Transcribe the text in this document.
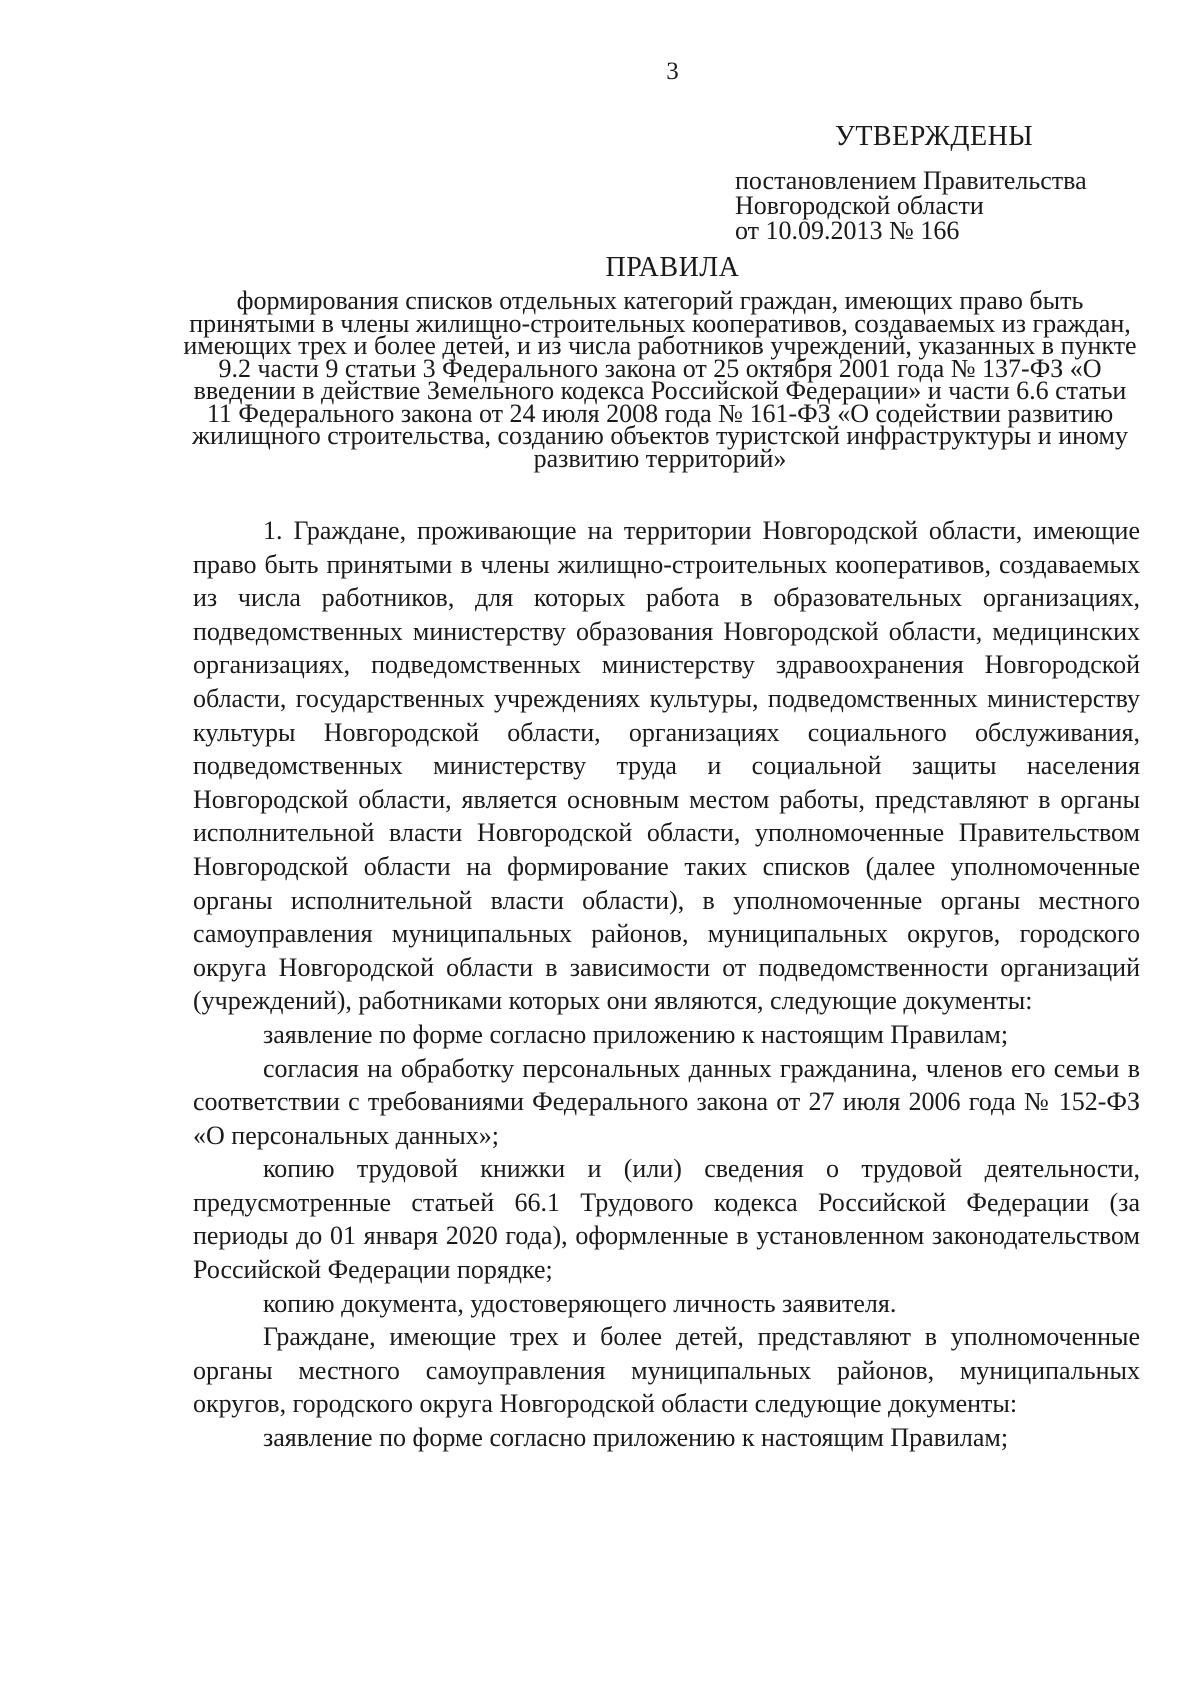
3
УТВЕРЖДЕНЫ
постановлением Правительства
Новгородской области
от 10.09.2013 № 166
ПРАВИЛА
формирования списков отдельных категорий граждан, имеющих право быть принятыми в члены жилищно-строительных кооперативов, создаваемых из граждан, имеющих трех и более детей, и из числа работников учреждений, указанных в пункте 9.2 части 9 статьи 3 Федерального закона от 25 октября 2001 года № 137-ФЗ «О введении в действие Земельного кодекса Российской Федерации» и части 6.6 статьи 11 Федерального закона от 24 июля 2008 года № 161-ФЗ «О содействии развитию жилищного строительства, созданию объектов туристской инфраструктуры и иному развитию территорий»

1. Граждане, проживающие на территории Новгородской области, имеющие право быть принятыми в члены жилищно-строительных кооперативов, создаваемых из числа работников, для которых работа в образовательных организациях, подведомственных министерству образования Новгородской области, медицинских организациях, подведомственных министерству здравоохранения Новгородской области, государственных учреждениях культуры, подведомственных министерству культуры Новгородской области, организациях социального обслуживания, подведомственных министерству труда и социальной защиты населения Новгородской области, является основным местом работы, представляют в органы исполнительной власти Новгородской области, уполномоченные Правительством Новгородской области на формирование таких списков (далее уполномоченные органы исполнительной власти области), в уполномоченные органы местного самоуправления муниципальных районов, муниципальных округов, городского округа Новгородской области в зависимости от подведомственности организаций (учреждений), работниками которых они являются, следующие документы:

заявление по форме согласно приложению к настоящим Правилам;

согласия на обработку персональных данных гражданина, членов его семьи в соответствии с требованиями Федерального закона от 27 июля 2006 года № 152-ФЗ «О персональных данных»;

копию трудовой книжки и (или) сведения о трудовой деятельности, предусмотренные статьей 66.1 Трудового кодекса Российской Федерации (за периоды до 01 января 2020 года), оформленные в установленном законодательством Российской Федерации порядке;

копию документа, удостоверяющего личность заявителя.

Граждане, имеющие трех и более детей, представляют в уполномоченные органы местного самоуправления муниципальных районов, муниципальных округов, городского округа Новгородской области следующие документы:

заявление по форме согласно приложению к настоящим Правилам;
